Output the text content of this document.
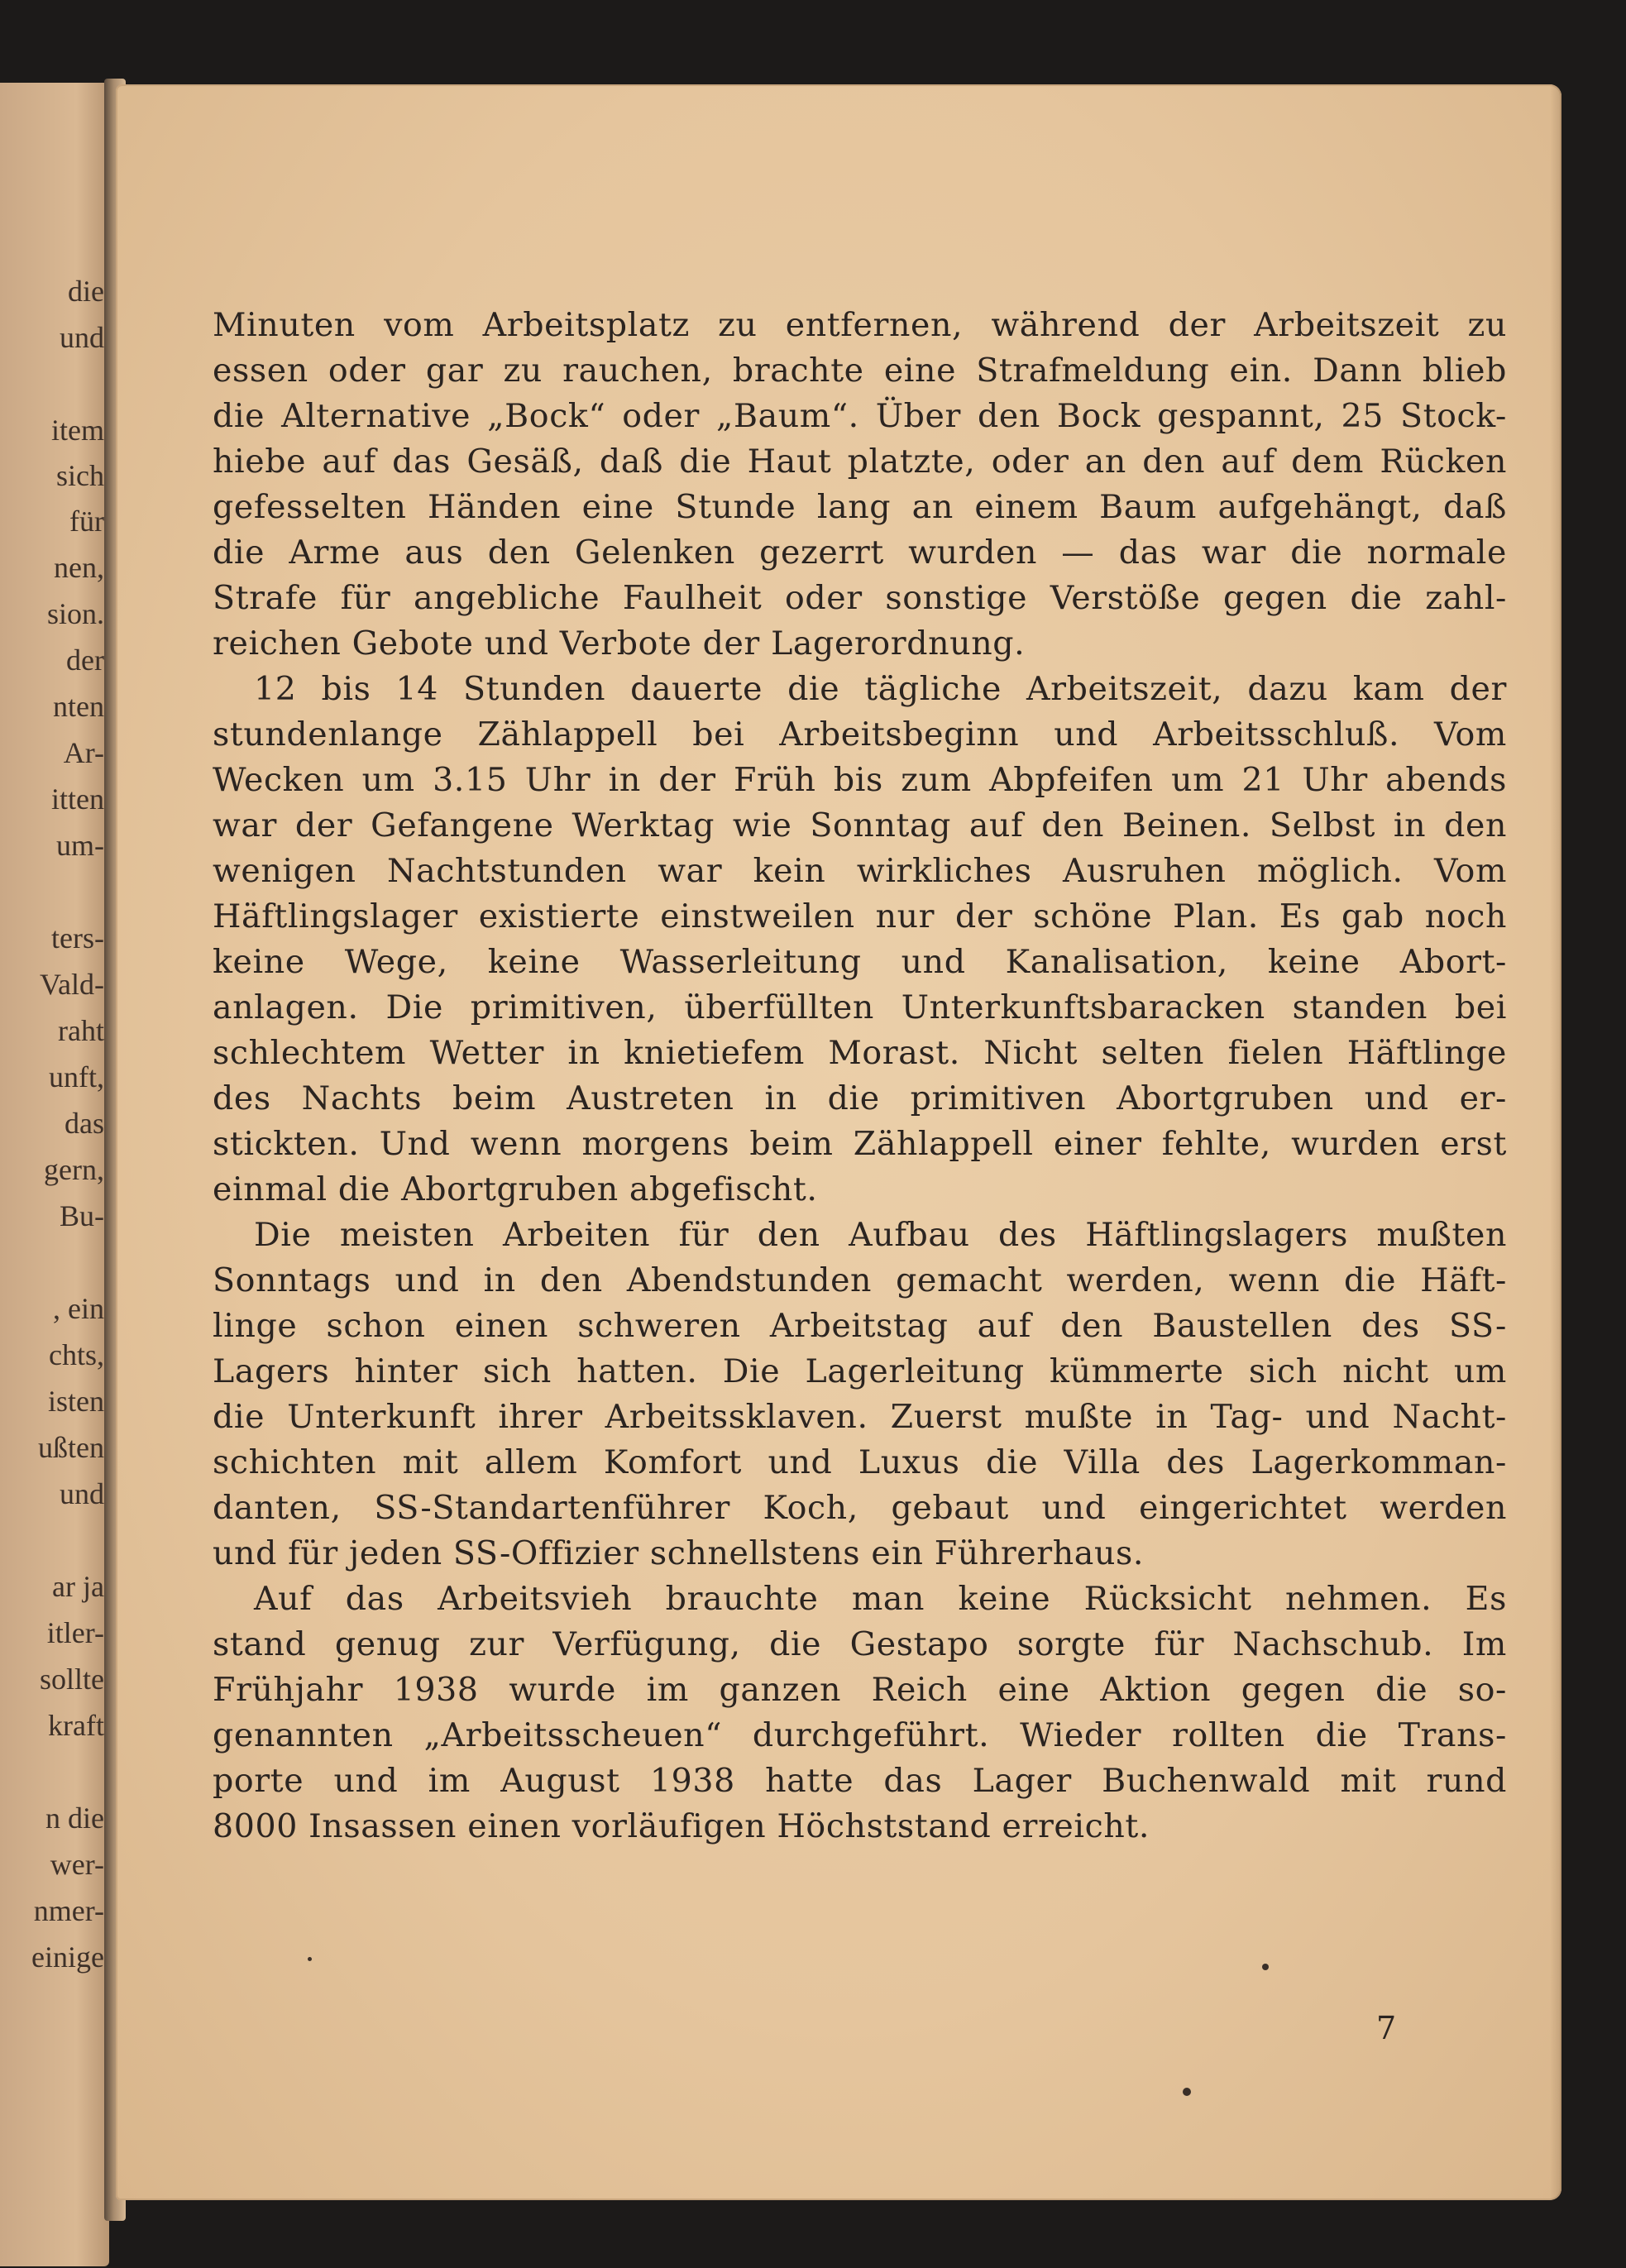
die
und
item
sich
für
nen,
sion.
der
nten
Ar-
itten
um-
ters-
Vald-
raht
unft,
das
gern,
Bu-
, ein
chts,
isten
ußten
und
ar ja
itler-
sollte
kraft
n die
wer-
nmer-
einige
Minuten vom Arbeitsplatz zu entfernen, während der Arbeitszeit zu
essen oder gar zu rauchen, brachte eine Strafmeldung ein. Dann blieb
die Alternative „Bock“ oder „Baum“. Über den Bock gespannt, 25 Stock-
hiebe auf das Gesäß, daß die Haut platzte, oder an den auf dem Rücken
gefesselten Händen eine Stunde lang an einem Baum aufgehängt, daß
die Arme aus den Gelenken gezerrt wurden — das war die normale
Strafe für angebliche Faulheit oder sonstige Verstöße gegen die zahl-
reichen Gebote und Verbote der Lagerordnung.
12 bis 14 Stunden dauerte die tägliche Arbeitszeit, dazu kam der
stundenlange Zählappell bei Arbeitsbeginn und Arbeitsschluß. Vom
Wecken um 3.15 Uhr in der Früh bis zum Abpfeifen um 21 Uhr abends
war der Gefangene Werktag wie Sonntag auf den Beinen. Selbst in den
wenigen Nachtstunden war kein wirkliches Ausruhen möglich. Vom
Häftlingslager existierte einstweilen nur der schöne Plan. Es gab noch
keine Wege, keine Wasserleitung und Kanalisation, keine Abort-
anlagen. Die primitiven, überfüllten Unterkunftsbaracken standen bei
schlechtem Wetter in knietiefem Morast. Nicht selten fielen Häftlinge
des Nachts beim Austreten in die primitiven Abortgruben und er-
stickten. Und wenn morgens beim Zählappell einer fehlte, wurden erst
einmal die Abortgruben abgefischt.
Die meisten Arbeiten für den Aufbau des Häftlingslagers mußten
Sonntags und in den Abendstunden gemacht werden, wenn die Häft-
linge schon einen schweren Arbeitstag auf den Baustellen des SS-
Lagers hinter sich hatten. Die Lagerleitung kümmerte sich nicht um
die Unterkunft ihrer Arbeitssklaven. Zuerst mußte in Tag- und Nacht-
schichten mit allem Komfort und Luxus die Villa des Lagerkomman-
danten, SS-Standartenführer Koch, gebaut und eingerichtet werden
und für jeden SS-Offizier schnellstens ein Führerhaus.
Auf das Arbeitsvieh brauchte man keine Rücksicht nehmen. Es
stand genug zur Verfügung, die Gestapo sorgte für Nachschub. Im
Frühjahr 1938 wurde im ganzen Reich eine Aktion gegen die so-
genannten „Arbeitsscheuen“ durchgeführt. Wieder rollten die Trans-
porte und im August 1938 hatte das Lager Buchenwald mit rund
8000 Insassen einen vorläufigen Höchststand erreicht.
7
